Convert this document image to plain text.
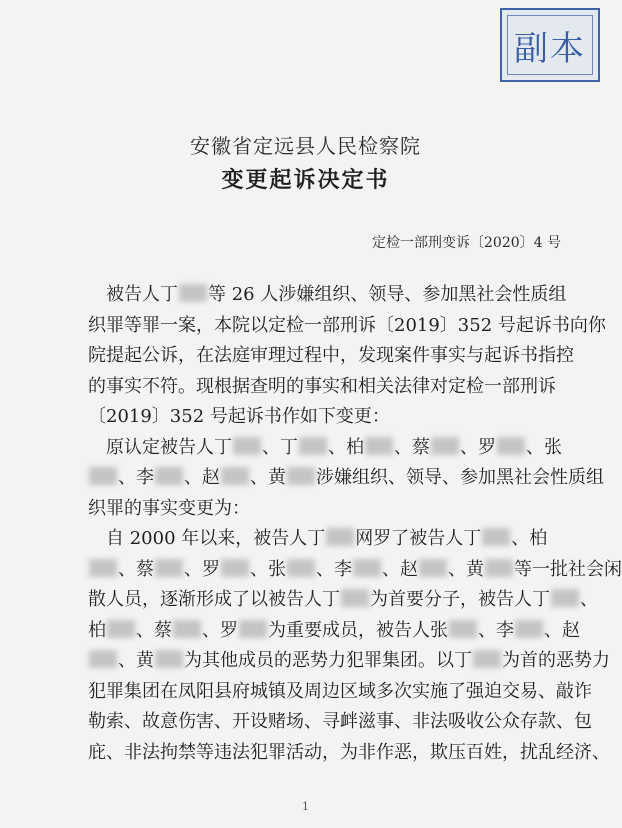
副本
安徽省定远县人民检察院
变更起诉决定书
定检一部刑变诉〔2020〕4 号
被告人丁 等 26 人涉嫌组织、领导、参加黑社会性质组
织罪等罪一案，本院以定检一部刑诉〔2019〕352 号起诉书向你
院提起公诉，在法庭审理过程中，发现案件事实与起诉书指控
的事实不符。现根据查明的事实和相关法律对定检一部刑诉
〔2019〕352 号起诉书作如下变更：
原认定被告人丁 、丁 、柏 、蔡 、罗 、张
、李 、赵 、黄 涉嫌组织、领导、参加黑社会性质组
织罪的事实变更为：
自 2000 年以来，被告人丁 网罗了被告人丁 、柏
、蔡 、罗 、张 、李 、赵 、黄 等一批社会闲
散人员，逐渐形成了以被告人丁 为首要分子，被告人丁 、
柏 、蔡 、罗 为重要成员，被告人张 、李 、赵
、黄 为其他成员的恶势力犯罪集团。以丁 为首的恶势力
犯罪集团在凤阳县府城镇及周边区域多次实施了强迫交易、敲诈
勒索、故意伤害、开设赌场、寻衅滋事、非法吸收公众存款、包
庇、非法拘禁等违法犯罪活动，为非作恶，欺压百姓，扰乱经济、
1
